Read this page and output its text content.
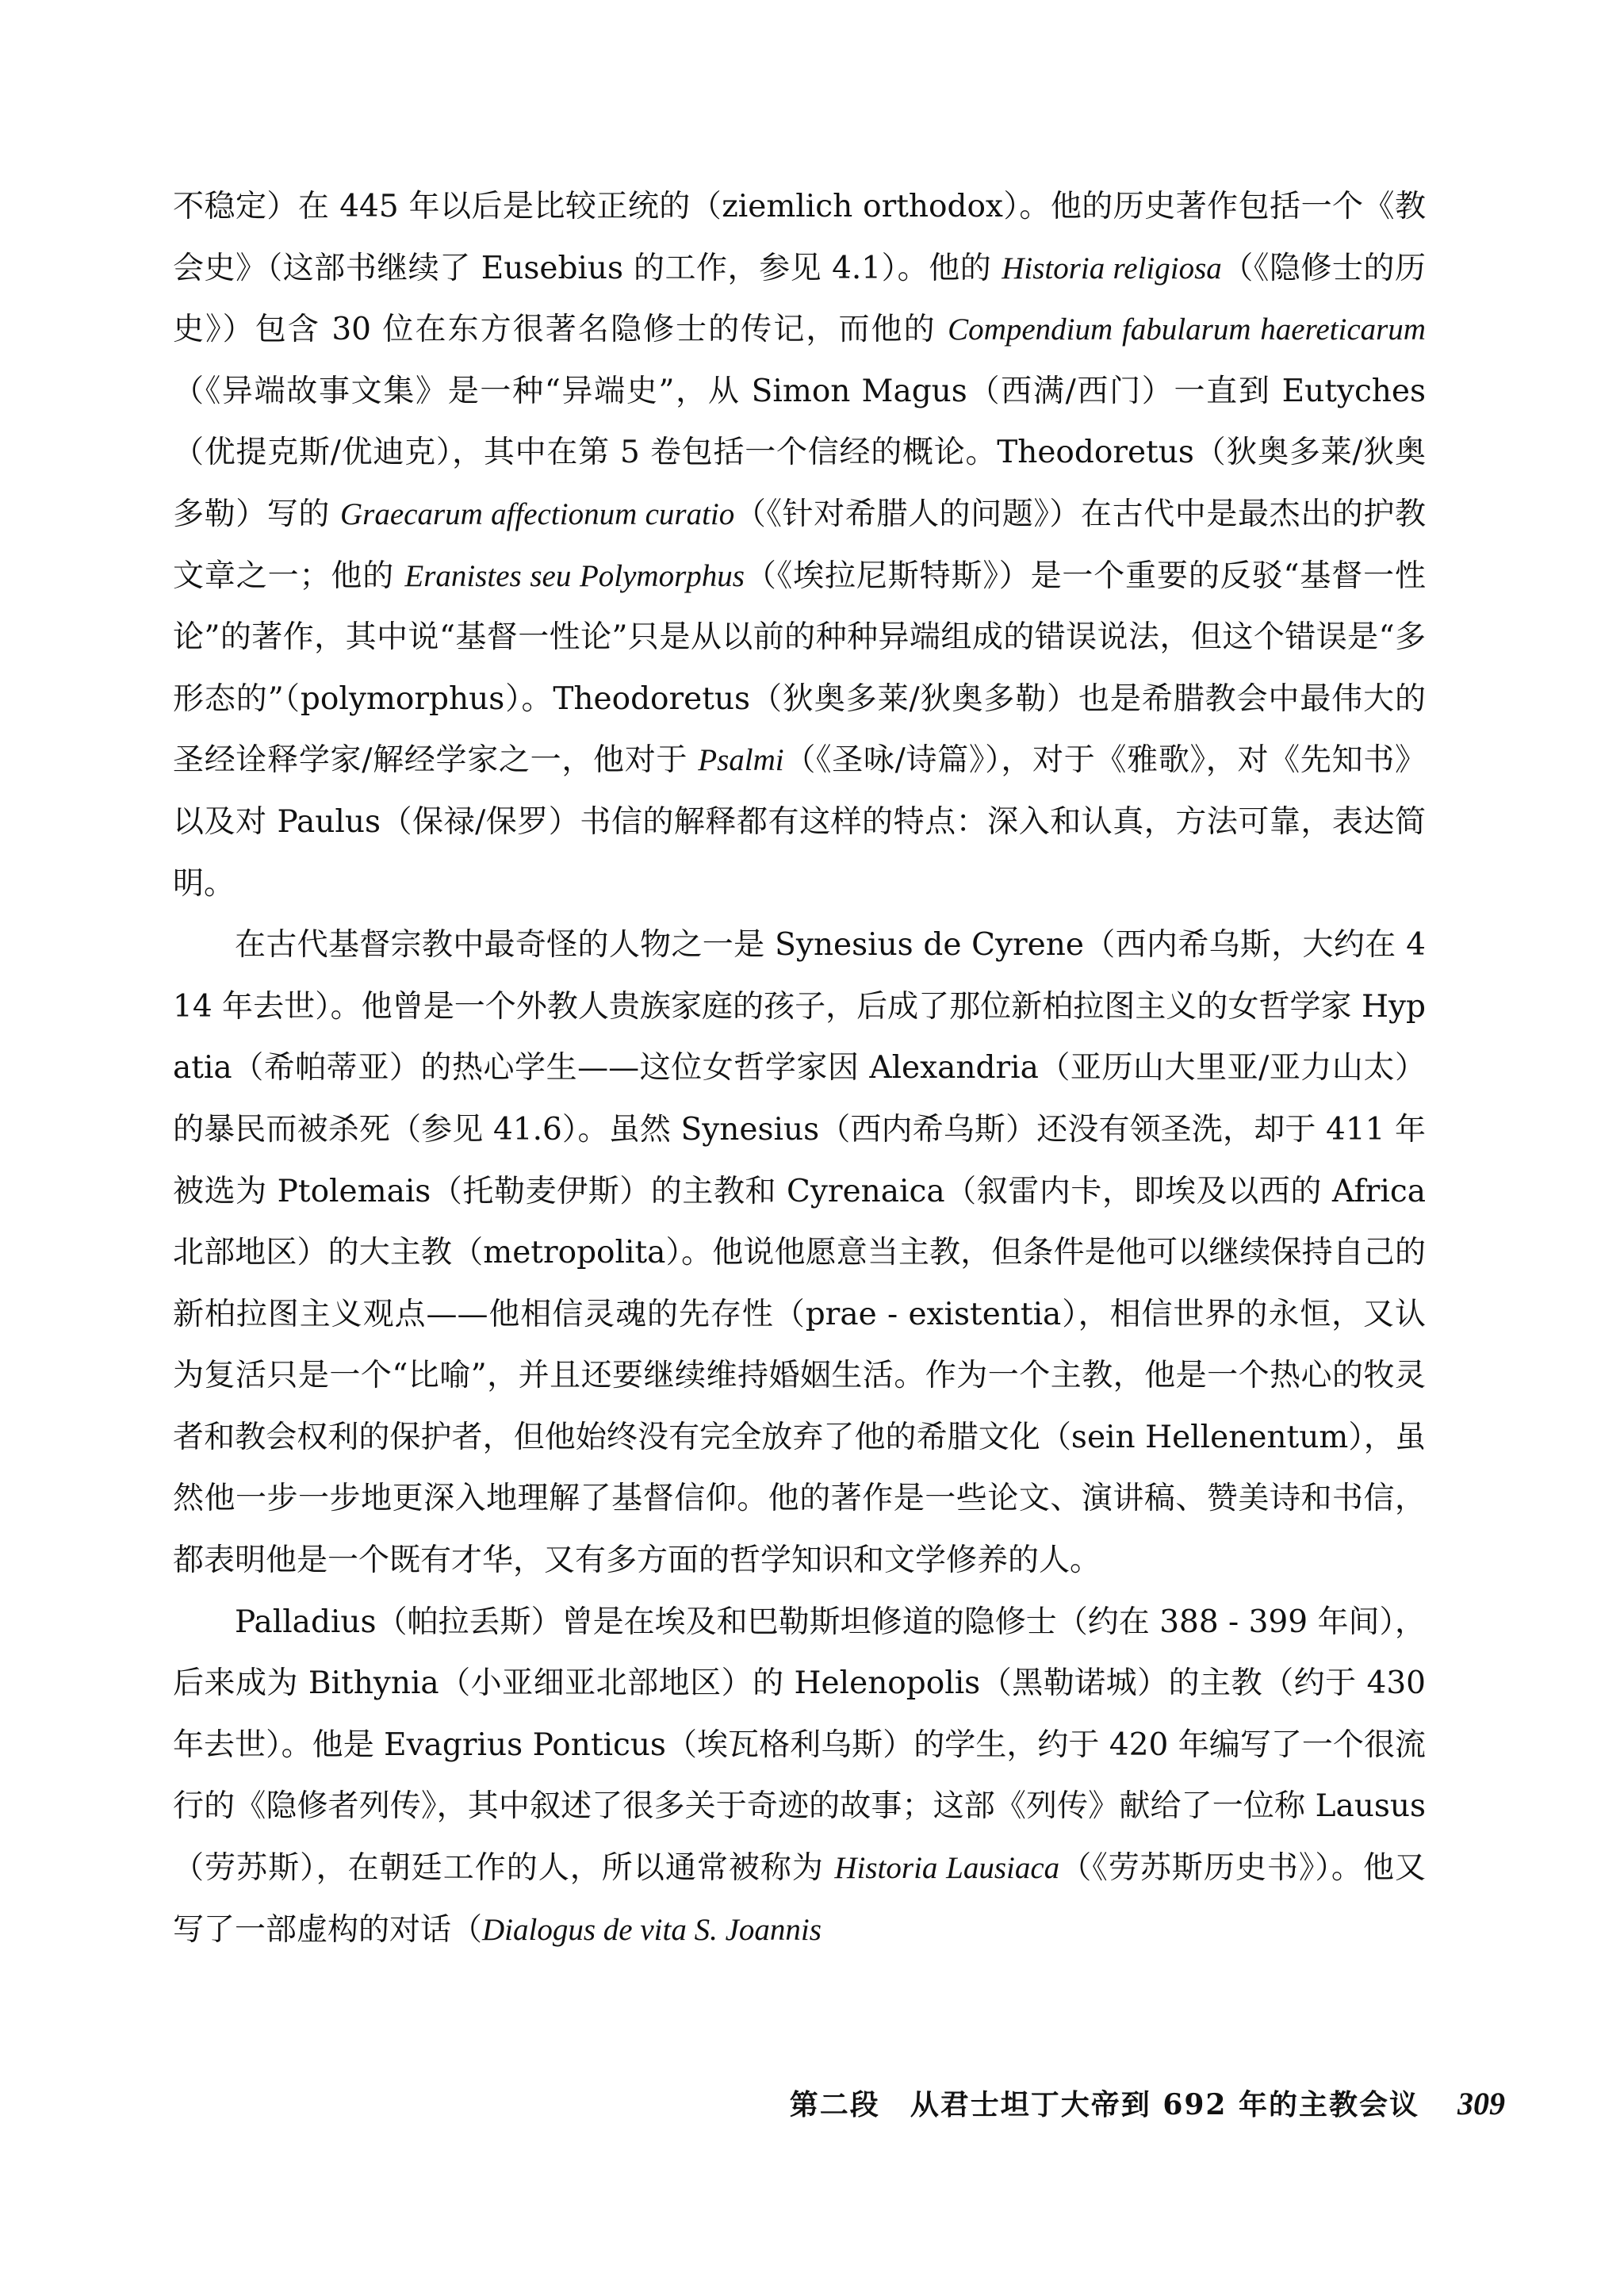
不稳定）在 445 年以后是比较正统的（ziemlich orthodox）。他的历史著作包括一个《教会史》（这部书继续了 Eusebius 的工作，参见 4.1）。他的 Historia religiosa（《隐修士的历史》）包含 30 位在东方很著名隐修士的传记，而他的 Compendium fabularum haereticarum（《异端故事文集》是一种“异端史”，从 Simon Magus（西满/西门）一直到 Eutyches（优提克斯/优迪克），其中在第 5 卷包括一个信经的概论。Theodoretus（狄奥多莱/狄奥多勒）写的 Graecarum affectionum curatio（《针对希腊人的问题》）在古代中是最杰出的护教文章之一；他的 Eranistes seu Polymorphus（《埃拉尼斯特斯》）是一个重要的反驳“基督一性论”的著作，其中说“基督一性论”只是从以前的种种异端组成的错误说法，但这个错误是“多形态的”（polymorphus）。Theodoretus（狄奥多莱/狄奥多勒）也是希腊教会中最伟大的圣经诠释学家/解经学家之一，他对于 Psalmi（《圣咏/诗篇》），对于《雅歌》，对《先知书》以及对 Paulus（保禄/保罗）书信的解释都有这样的特点：深入和认真，方法可靠，表达简明。

在古代基督宗教中最奇怪的人物之一是 Synesius de Cyrene（西内希乌斯，大约在 414 年去世）。他曾是一个外教人贵族家庭的孩子，后成了那位新柏拉图主义的女哲学家 Hypatia（希帕蒂亚）的热心学生——这位女哲学家因 Alexandria（亚历山大里亚/亚力山太）的暴民而被杀死（参见 41.6）。虽然 Synesius（西内希乌斯）还没有领圣洗，却于 411 年被选为 Ptolemais（托勒麦伊斯）的主教和 Cyrenaica（叙雷内卡，即埃及以西的 Africa 北部地区）的大主教（metropolita）。他说他愿意当主教，但条件是他可以继续保持自己的新柏拉图主义观点——他相信灵魂的先存性（prae - existentia），相信世界的永恒，又认为复活只是一个“比喻”，并且还要继续维持婚姻生活。作为一个主教，他是一个热心的牧灵者和教会权利的保护者，但他始终没有完全放弃了他的希腊文化（sein Hellenentum），虽然他一步一步地更深入地理解了基督信仰。他的著作是一些论文、演讲稿、赞美诗和书信，都表明他是一个既有才华，又有多方面的哲学知识和文学修养的人。

Palladius（帕拉丢斯）曾是在埃及和巴勒斯坦修道的隐修士（约在 388 - 399 年间），后来成为 Bithynia（小亚细亚北部地区）的 Helenopolis（黑勒诺城）的主教（约于 430 年去世）。他是 Evagrius Ponticus（埃瓦格利乌斯）的学生，约于 420 年编写了一个很流行的《隐修者列传》，其中叙述了很多关于奇迹的故事；这部《列传》献给了一位称 Lausus（劳苏斯），在朝廷工作的人，所以通常被称为 Historia Lausiaca（《劳苏斯历史书》）。他又写了一部虚构的对话（Dialogus de vita S. Joannis

第二段　从君士坦丁大帝到 692 年的主教会议 309
